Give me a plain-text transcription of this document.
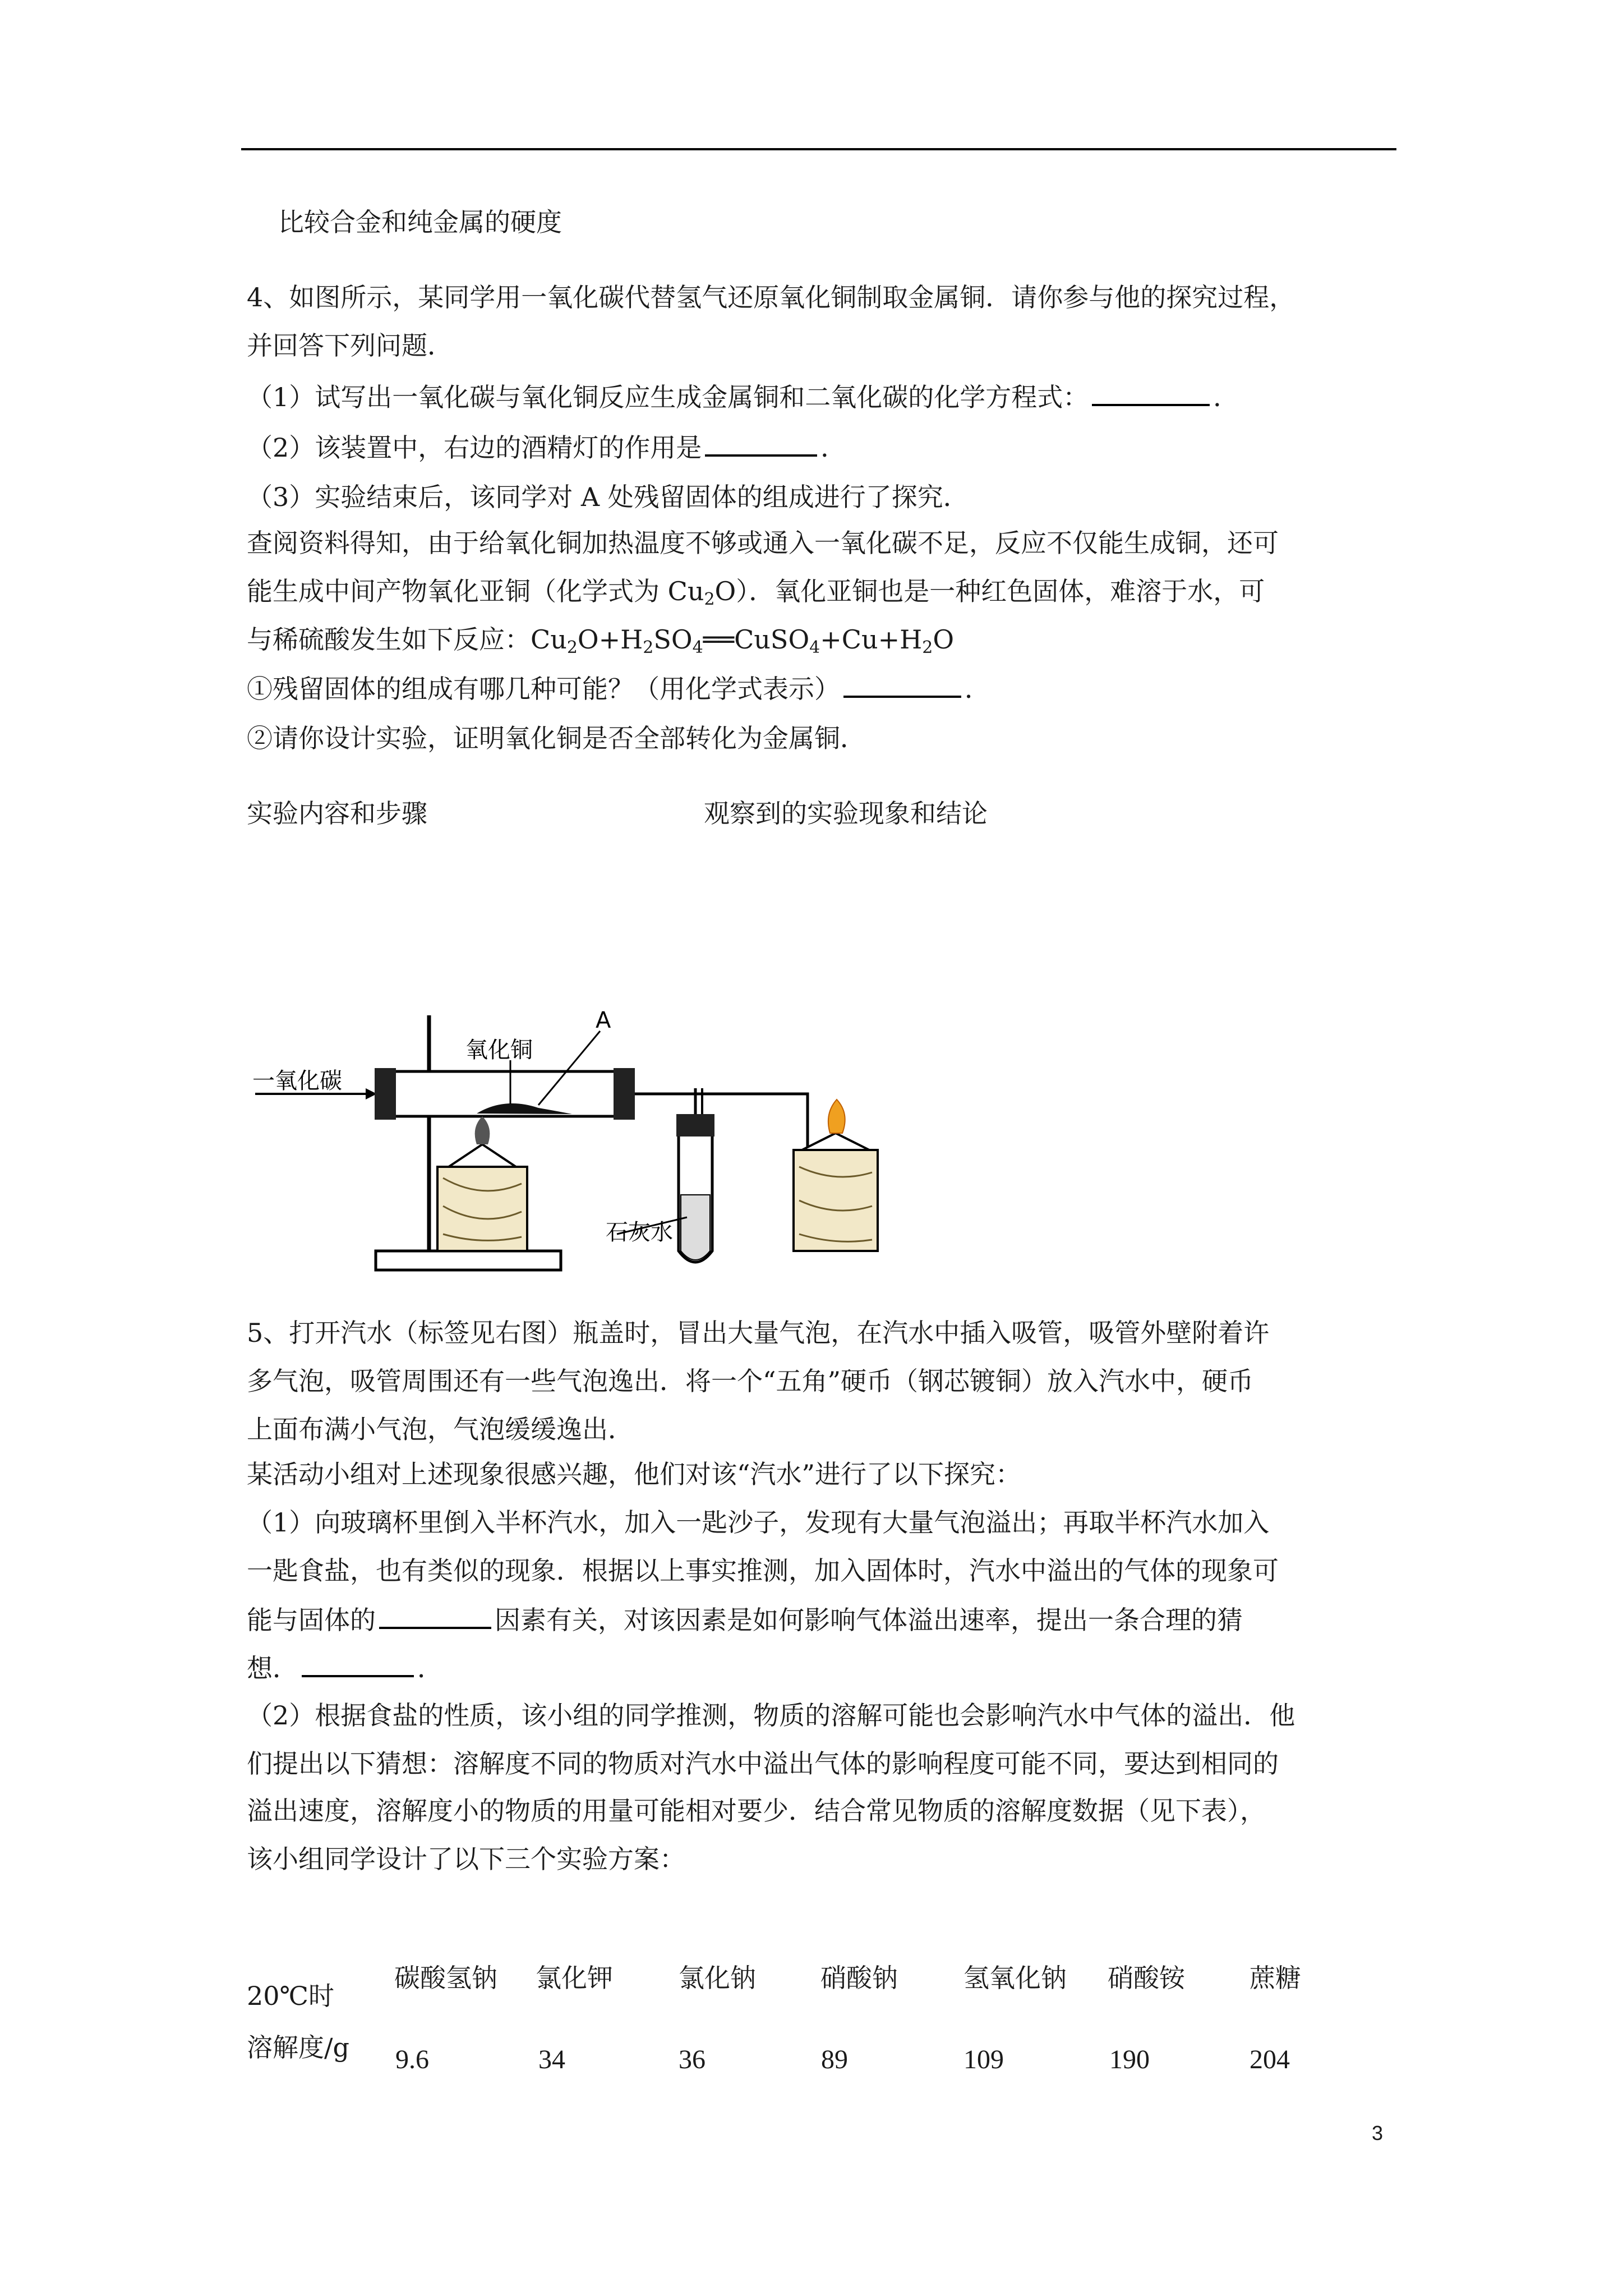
比较合金和纯金属的硬度
4、如图所示，某同学用一氧化碳代替氢气还原氧化铜制取金属铜．请你参与他的探究过程，
并回答下列问题．
（1）试写出一氧化碳与氧化铜反应生成金属铜和二氧化碳的化学方程式：	．
（2）该装置中，右边的酒精灯的作用是	．
（3）实验结束后，该同学对 A 处残留固体的组成进行了探究．
查阅资料得知，由于给氧化铜加热温度不够或通入一氧化碳不足，反应不仅能生成铜，还可
能生成中间产物氧化亚铜（化学式为 $Cu_2O$）．氧化亚铜也是一种红色固体，难溶于水，可
与稀硫酸发生如下反应：$Cu_2O+H_2SO_4══CuSO_4+Cu+H_2O$
①残留固体的组成有哪几种可能？（用化学式表示）	．
②请你设计实验，证明氧化铜是否全部转化为金属铜．
实验内容和步骤	观察到的实验现象和结论
一氧化碳
氧化铜
A
石灰水
5、打开汽水（标签见右图）瓶盖时，冒出大量气泡，在汽水中插入吸管，吸管外壁附着许
多气泡，吸管周围还有一些气泡逸出．将一个“五角”硬币（钢芯镀铜）放入汽水中，硬币
上面布满小气泡，气泡缓缓逸出．
某活动小组对上述现象很感兴趣，他们对该“汽水”进行了以下探究：
（1）向玻璃杯里倒入半杯汽水，加入一匙沙子，发现有大量气泡溢出；再取半杯汽水加入
一匙食盐，也有类似的现象．根据以上事实推测，加入固体时，汽水中溢出的气体的现象可
能与固体的	因素有关，对该因素是如何影响气体溢出速率，提出一条合理的猜
想．	．
（2）根据食盐的性质，该小组的同学推测，物质的溶解可能也会影响汽水中气体的溢出．他
们提出以下猜想：溶解度不同的物质对汽水中溢出气体的影响程度可能不同，要达到相同的
溢出速度，溶解度小的物质的用量可能相对要少．结合常见物质的溶解度数据（见下表），
该小组同学设计了以下三个实验方案：
20℃时
溶解度/g
碳酸氢钠 氯化钾	氯化钠	硝酸钠	氢氧化钠 硝酸铵	蔗糖
9.6	34	36	89	109	190	204
3
